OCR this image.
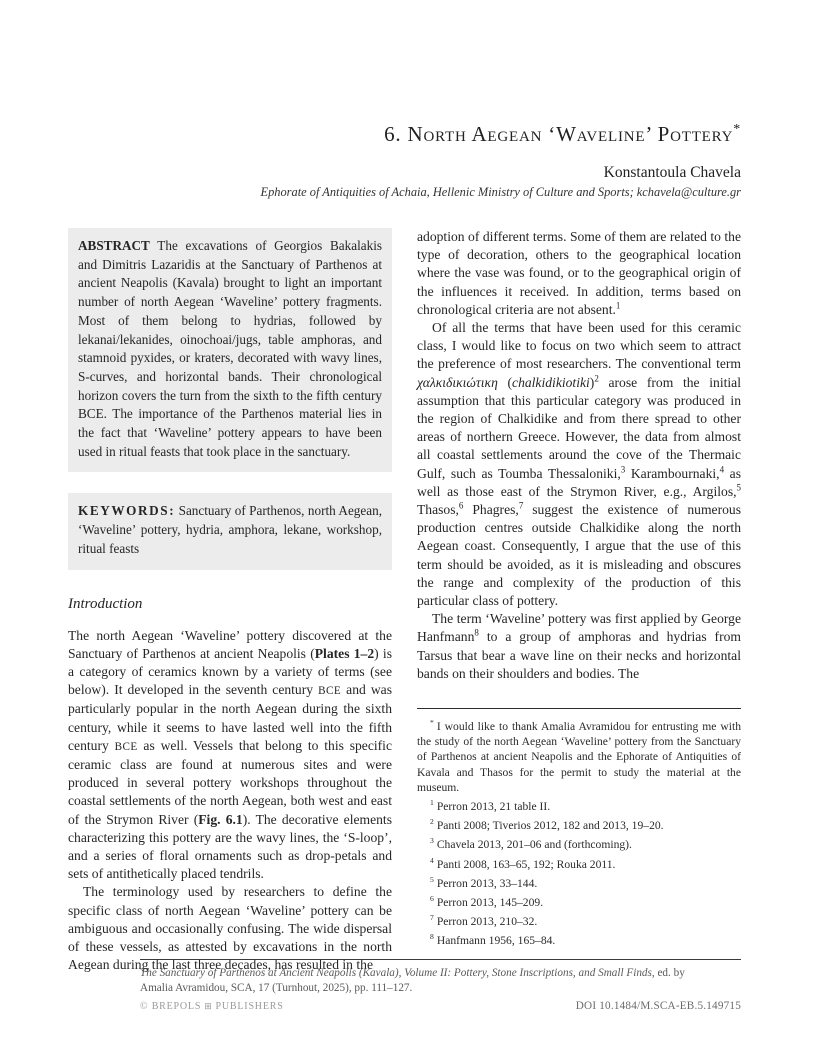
6. North Aegean ‘Waveline’ Pottery*
Konstantoula Chavela
Ephorate of Antiquities of Achaia, Hellenic Ministry of Culture and Sports; kchavela@culture.gr
ABSTRACT The excavations of Georgios Bakalakis and Dimitris Lazaridis at the Sanctuary of Parthenos at ancient Neapolis (Kavala) brought to light an important number of north Aegean ‘Waveline’ pottery fragments. Most of them belong to hydrias, followed by lekanai/lekanides, oinochoai/jugs, table amphoras, and stamnoid pyxides, or kraters, decorated with wavy lines, S-curves, and horizontal bands. Their chronological horizon covers the turn from the sixth to the fifth century BCE. The importance of the Parthenos material lies in the fact that ‘Waveline’ pottery appears to have been used in ritual feasts that took place in the sanctuary.
KEYWORDS: Sanctuary of Parthenos, north Aegean, ‘Waveline’ pottery, hydria, amphora, lekane, workshop, ritual feasts
Introduction

The north Aegean ‘Waveline’ pottery discovered at the Sanctuary of Parthenos at ancient Neapolis (Plates 1–2) is a category of ceramics known by a variety of terms (see below). It developed in the seventh century BCE and was particularly popular in the north Aegean during the sixth century, while it seems to have lasted well into the fifth century BCE as well. Vessels that belong to this specific ceramic class are found at numerous sites and were produced in several pottery workshops throughout the coastal settlements of the north Aegean, both west and east of the Strymon River (Fig. 6.1). The decorative elements characterizing this pottery are the wavy lines, the ‘S-loop’, and a series of floral ornaments such as drop-petals and sets of antithetically placed tendrils.

The terminology used by researchers to define the specific class of north Aegean ‘Waveline’ pottery can be ambiguous and occasionally confusing. The wide dispersal of these vessels, as attested by excavations in the north Aegean during the last three decades, has resulted in the

adoption of different terms. Some of them are related to the type of decoration, others to the geographical location where the vase was found, or to the geographical origin of the influences it received. In addition, terms based on chronological criteria are not absent.$^1$

Of all the terms that have been used for this ceramic class, I would like to focus on two which seem to attract the preference of most researchers. The conventional term χαλκιδικιώτικη (chalkidikiotiki)$^2$ arose from the initial assumption that this particular category was produced in the region of Chalkidike and from there spread to other areas of northern Greece. However, the data from almost all coastal settlements around the cove of the Thermaic Gulf, such as Toumba Thessaloniki,$^3$ Karambournaki,$^4$ as well as those east of the Strymon River, e.g., Argilos,$^5$ Thasos,$^6$ Phagres,$^7$ suggest the existence of numerous production centres outside Chalkidike along the north Aegean coast. Consequently, I argue that the use of this term should be avoided, as it is misleading and obscures the range and complexity of the production of this particular class of pottery.

The term ‘Waveline’ pottery was first applied by George Hanfmann$^8$ to a group of amphoras and hydrias from Tarsus that bear a wave line on their necks and horizontal bands on their shoulders and bodies. The

* I would like to thank Amalia Avramidou for entrusting me with the study of the north Aegean ‘Waveline’ pottery from the Sanctuary of Parthenos at ancient Neapolis and the Ephorate of Antiquities of Kavala and Thasos for the permit to study the material at the museum.

$^1$ Perron 2013, 21 table II.
$^2$ Panti 2008; Tiverios 2012, 182 and 2013, 19–20.
$^3$ Chavela 2013, 201–06 and (forthcoming).
$^4$ Panti 2008, 163–65, 192; Rouka 2011.
$^5$ Perron 2013, 33–144.
$^6$ Perron 2013, 145–209.
$^7$ Perron 2013, 210–32.
$^8$ Hanfmann 1956, 165–84.
The Sanctuary of Parthenos at Ancient Neapolis (Kavala), Volume II: Pottery, Stone Inscriptions, and Small Finds, ed. by Amalia Avramidou, SCA, 17 (Turnhout, 2025), pp. 111–127.
© BREPOLS ⊞ PUBLISHERS	DOI 10.1484/M.SCA-EB.5.149715
